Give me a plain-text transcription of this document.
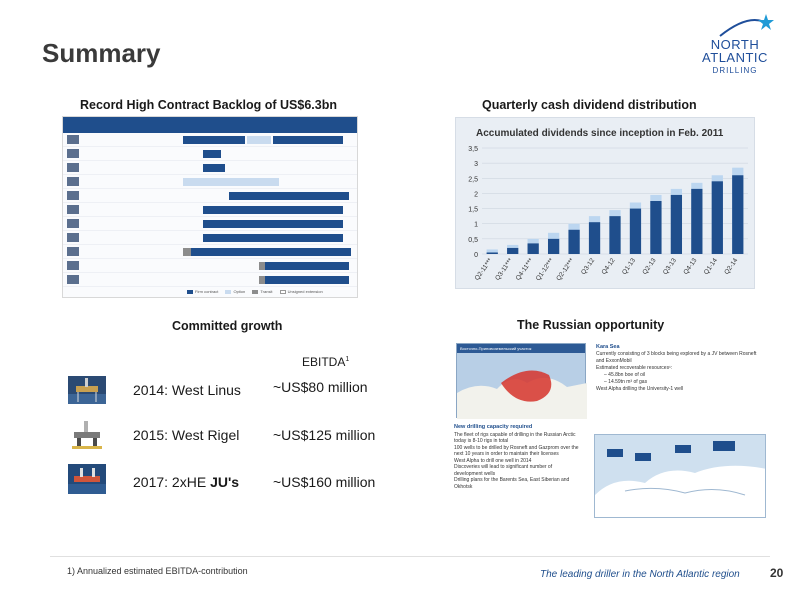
Summary	NORTH
ATLANTIC
DRILLING
Record High Contract Backlog of US$6.3bn	Quarterly cash dividend distribution
Committed growth	The Russian opportunity
Firm contract	Option	Transit	Unsigned extension
Accumulated dividends since inception in Feb. 2011
0
0,5
1
1,5
2
2,5
3
3,5
Q2-11*** Q3-11*** Q4-11*** Q1-12*** Q2-12*** Q3-12 Q4-12 Q1-13 Q2-13 Q3-13 Q4-13 Q1-14 Q2-14
EBITDA$^1$
2014: West Linus ~US$80 million
2015: West Rigel ~US$125 million
2017: 2xHE JU's ~US$160 million
Восточно-Приновоземельский участок	Kara Sea
Currently consisting of 3 blocks being explored by a JV between Rosneft and ExxonMobil
Estimated recoverable resources¹:
– 45.8bn boe of oil
– 14.59tn m³ of gas
West Alpha drilling the University-1 well
New drilling capacity required
The fleet of rigs capable of drilling in the Russian Arctic today is 8-10 rigs in total
100 wells to be drilled by Rosneft and Gazprom over the next 10 years in order to maintain their licenses
West Alpha to drill one well in 2014
Discoveries will lead to significant number of development wells
Drilling plans for the Barents Sea, East Siberian and Okhotsk
1) Annualized estimated EBITDA-contribution	The leading driller in the North Atlantic region	20
